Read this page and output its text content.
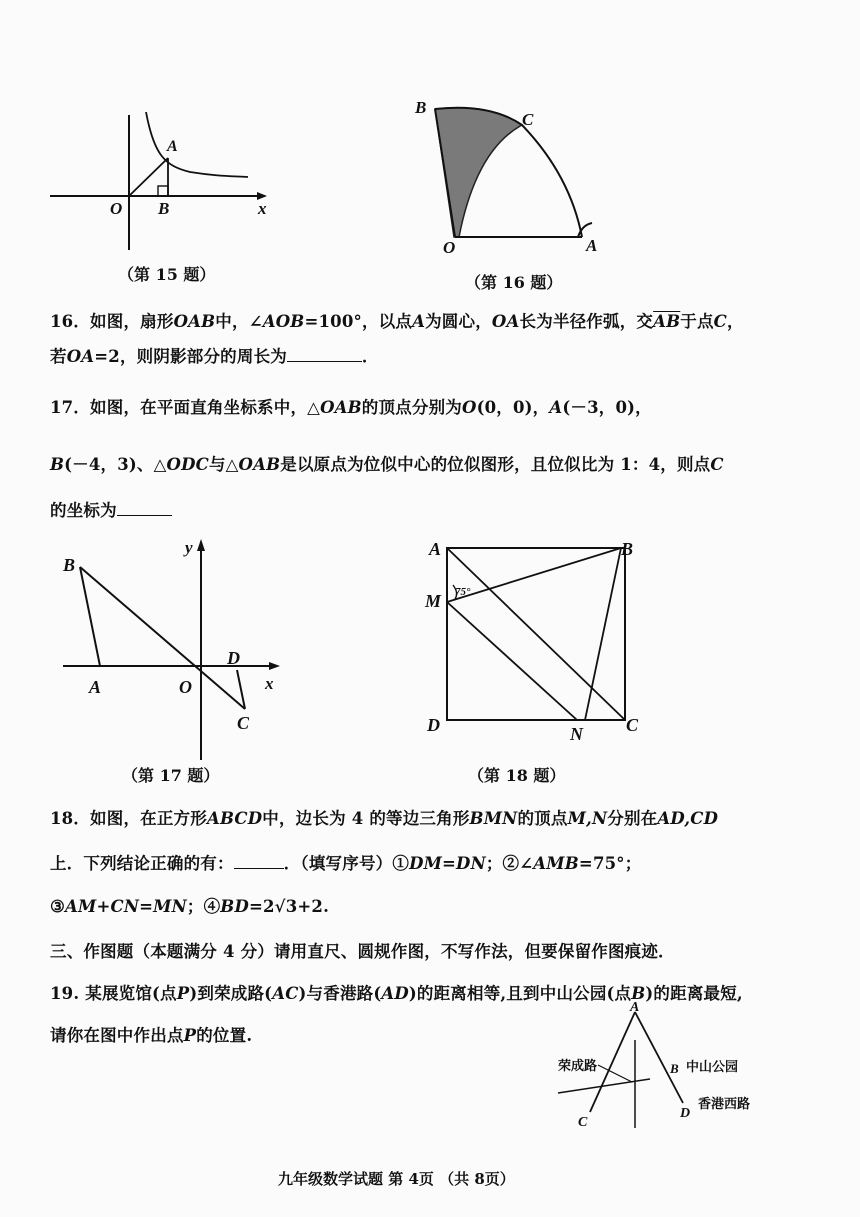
A
O B	x
（第 15 题）
B
C
O	A
（第 16 题）
16．如图，扇形OAB中，∠AOB=100°，以点A为圆心，OA长为半径作弧，交$\overline{AB}$于点C，
若OA=2，则阴影部分的周长为	．
17．如图，在平面直角坐标系中，△OAB的顶点分别为O(0，0)，A(－3，0)，
B(－4，3)、△ODC与△OAB是以原点为位似中心的位似图形，且位似比为 1：4，则点C
的坐标为
y
B
A	O
D
C
x
（第 17 题）
75°
A	B
M
D	N C
（第 18 题）
18．如图，在正方形ABCD中，边长为 4 的等边三角形BMN的顶点M,N分别在AD,CD
上．下列结论正确的有：	．（填写序号）①DM=DN；②∠AMB=75°；
③AM+CN=MN；④BD=2√3+2.
三、作图题（本题满分 4 分）请用直尺、圆规作图，不写作法，但要保留作图痕迹．
19. 某展览馆(点P)到荣成路(AC)与香港路(AD)的距离相等,且到中山公园(点B)的距离最短,
请你在图中作出点P的位置.
A
B
C
D
荣成路	中山公园
香港西路
九年级数学试题 第 4页 （共 8页）
